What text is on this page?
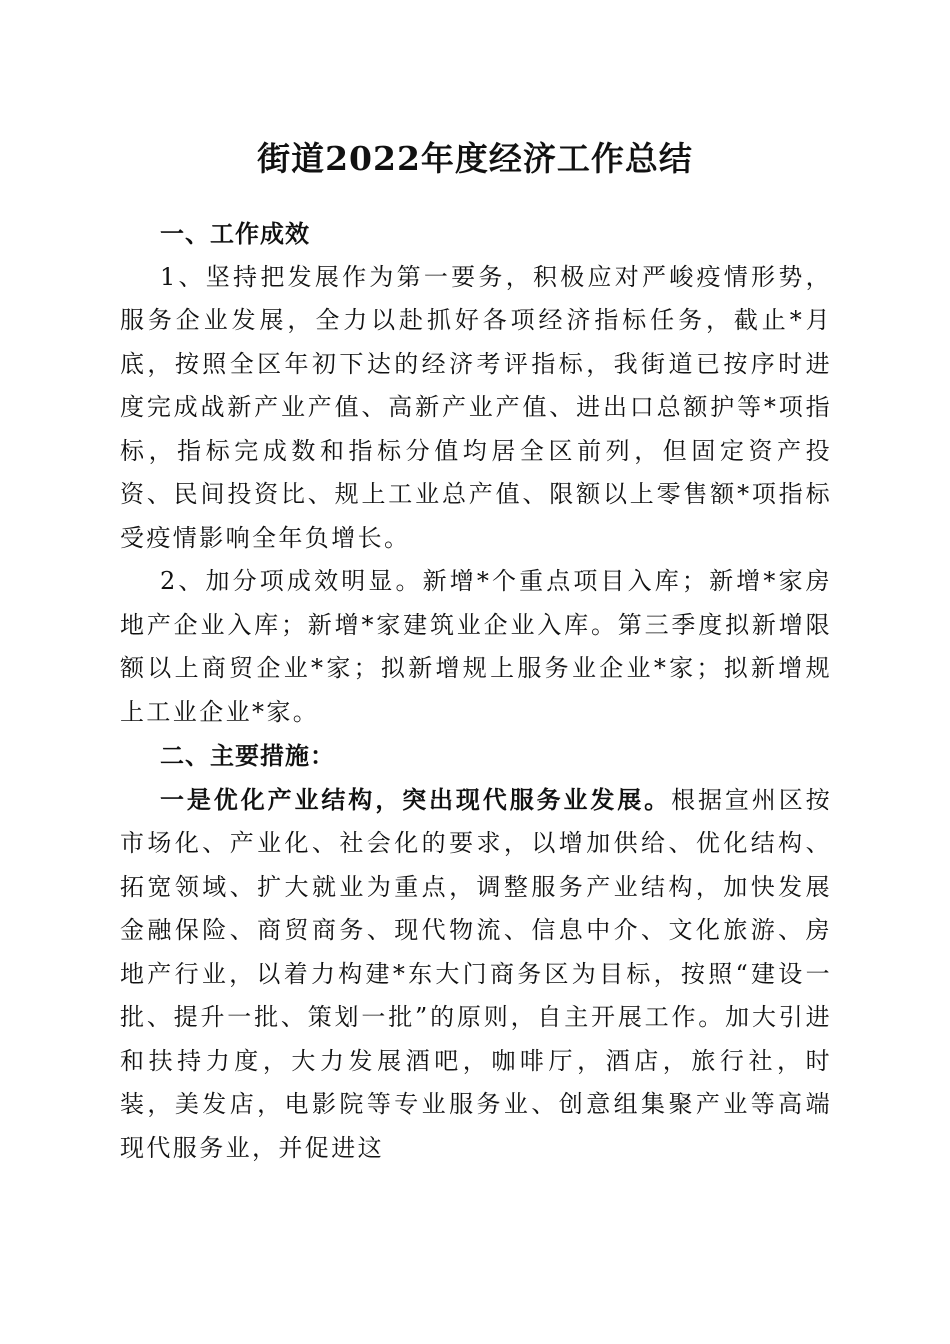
街道2022年度经济工作总结

一、工作成效

1、坚持把发展作为第一要务，积极应对严峻疫情形势，服务企业发展，全力以赴抓好各项经济指标任务，截止*月底，按照全区年初下达的经济考评指标，我街道已按序时进度完成战新产业产值、高新产业产值、进出口总额护等*项指标，指标完成数和指标分值均居全区前列，但固定资产投资、民间投资比、规上工业总产值、限额以上零售额*项指标受疫情影响全年负增长。

2、加分项成效明显。新增*个重点项目入库；新增*家房地产企业入库；新增*家建筑业企业入库。第三季度拟新增限额以上商贸企业*家；拟新增规上服务业企业*家；拟新增规上工业企业*家。

二、主要措施：

一是优化产业结构，突出现代服务业发展。根据宣州区按市场化、产业化、社会化的要求，以增加供给、优化结构、拓宽领域、扩大就业为重点，调整服务产业结构，加快发展金融保险、商贸商务、现代物流、信息中介、文化旅游、房地产行业，以着力构建*东大门商务区为目标，按照“建设一批、提升一批、策划一批”的原则，自主开展工作。加大引进和扶持力度，大力发展酒吧，咖啡厅，酒店，旅行社，时装，美发店，电影院等专业服务业、创意组集聚产业等高端现代服务业，并促进这
